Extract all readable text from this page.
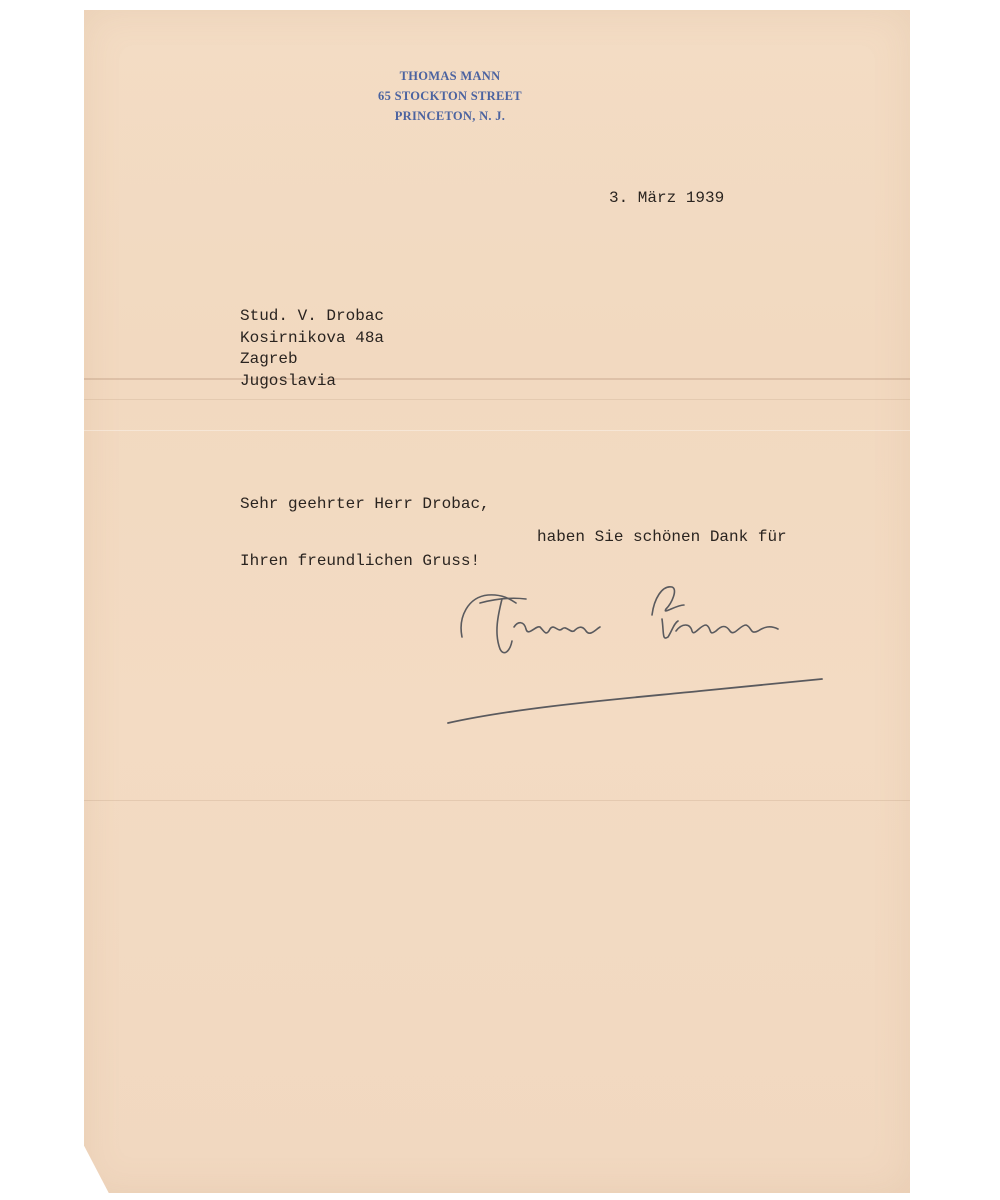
THOMAS MANN
65 STOCKTON STREET
PRINCETON, N. J.
3. März 1939
Stud. V. Drobac
Kosirnikova 48a
Zagreb
Jugoslavia
Sehr geehrter Herr Drobac,
haben Sie schönen Dank für
Ihren freundlichen Gruss!
